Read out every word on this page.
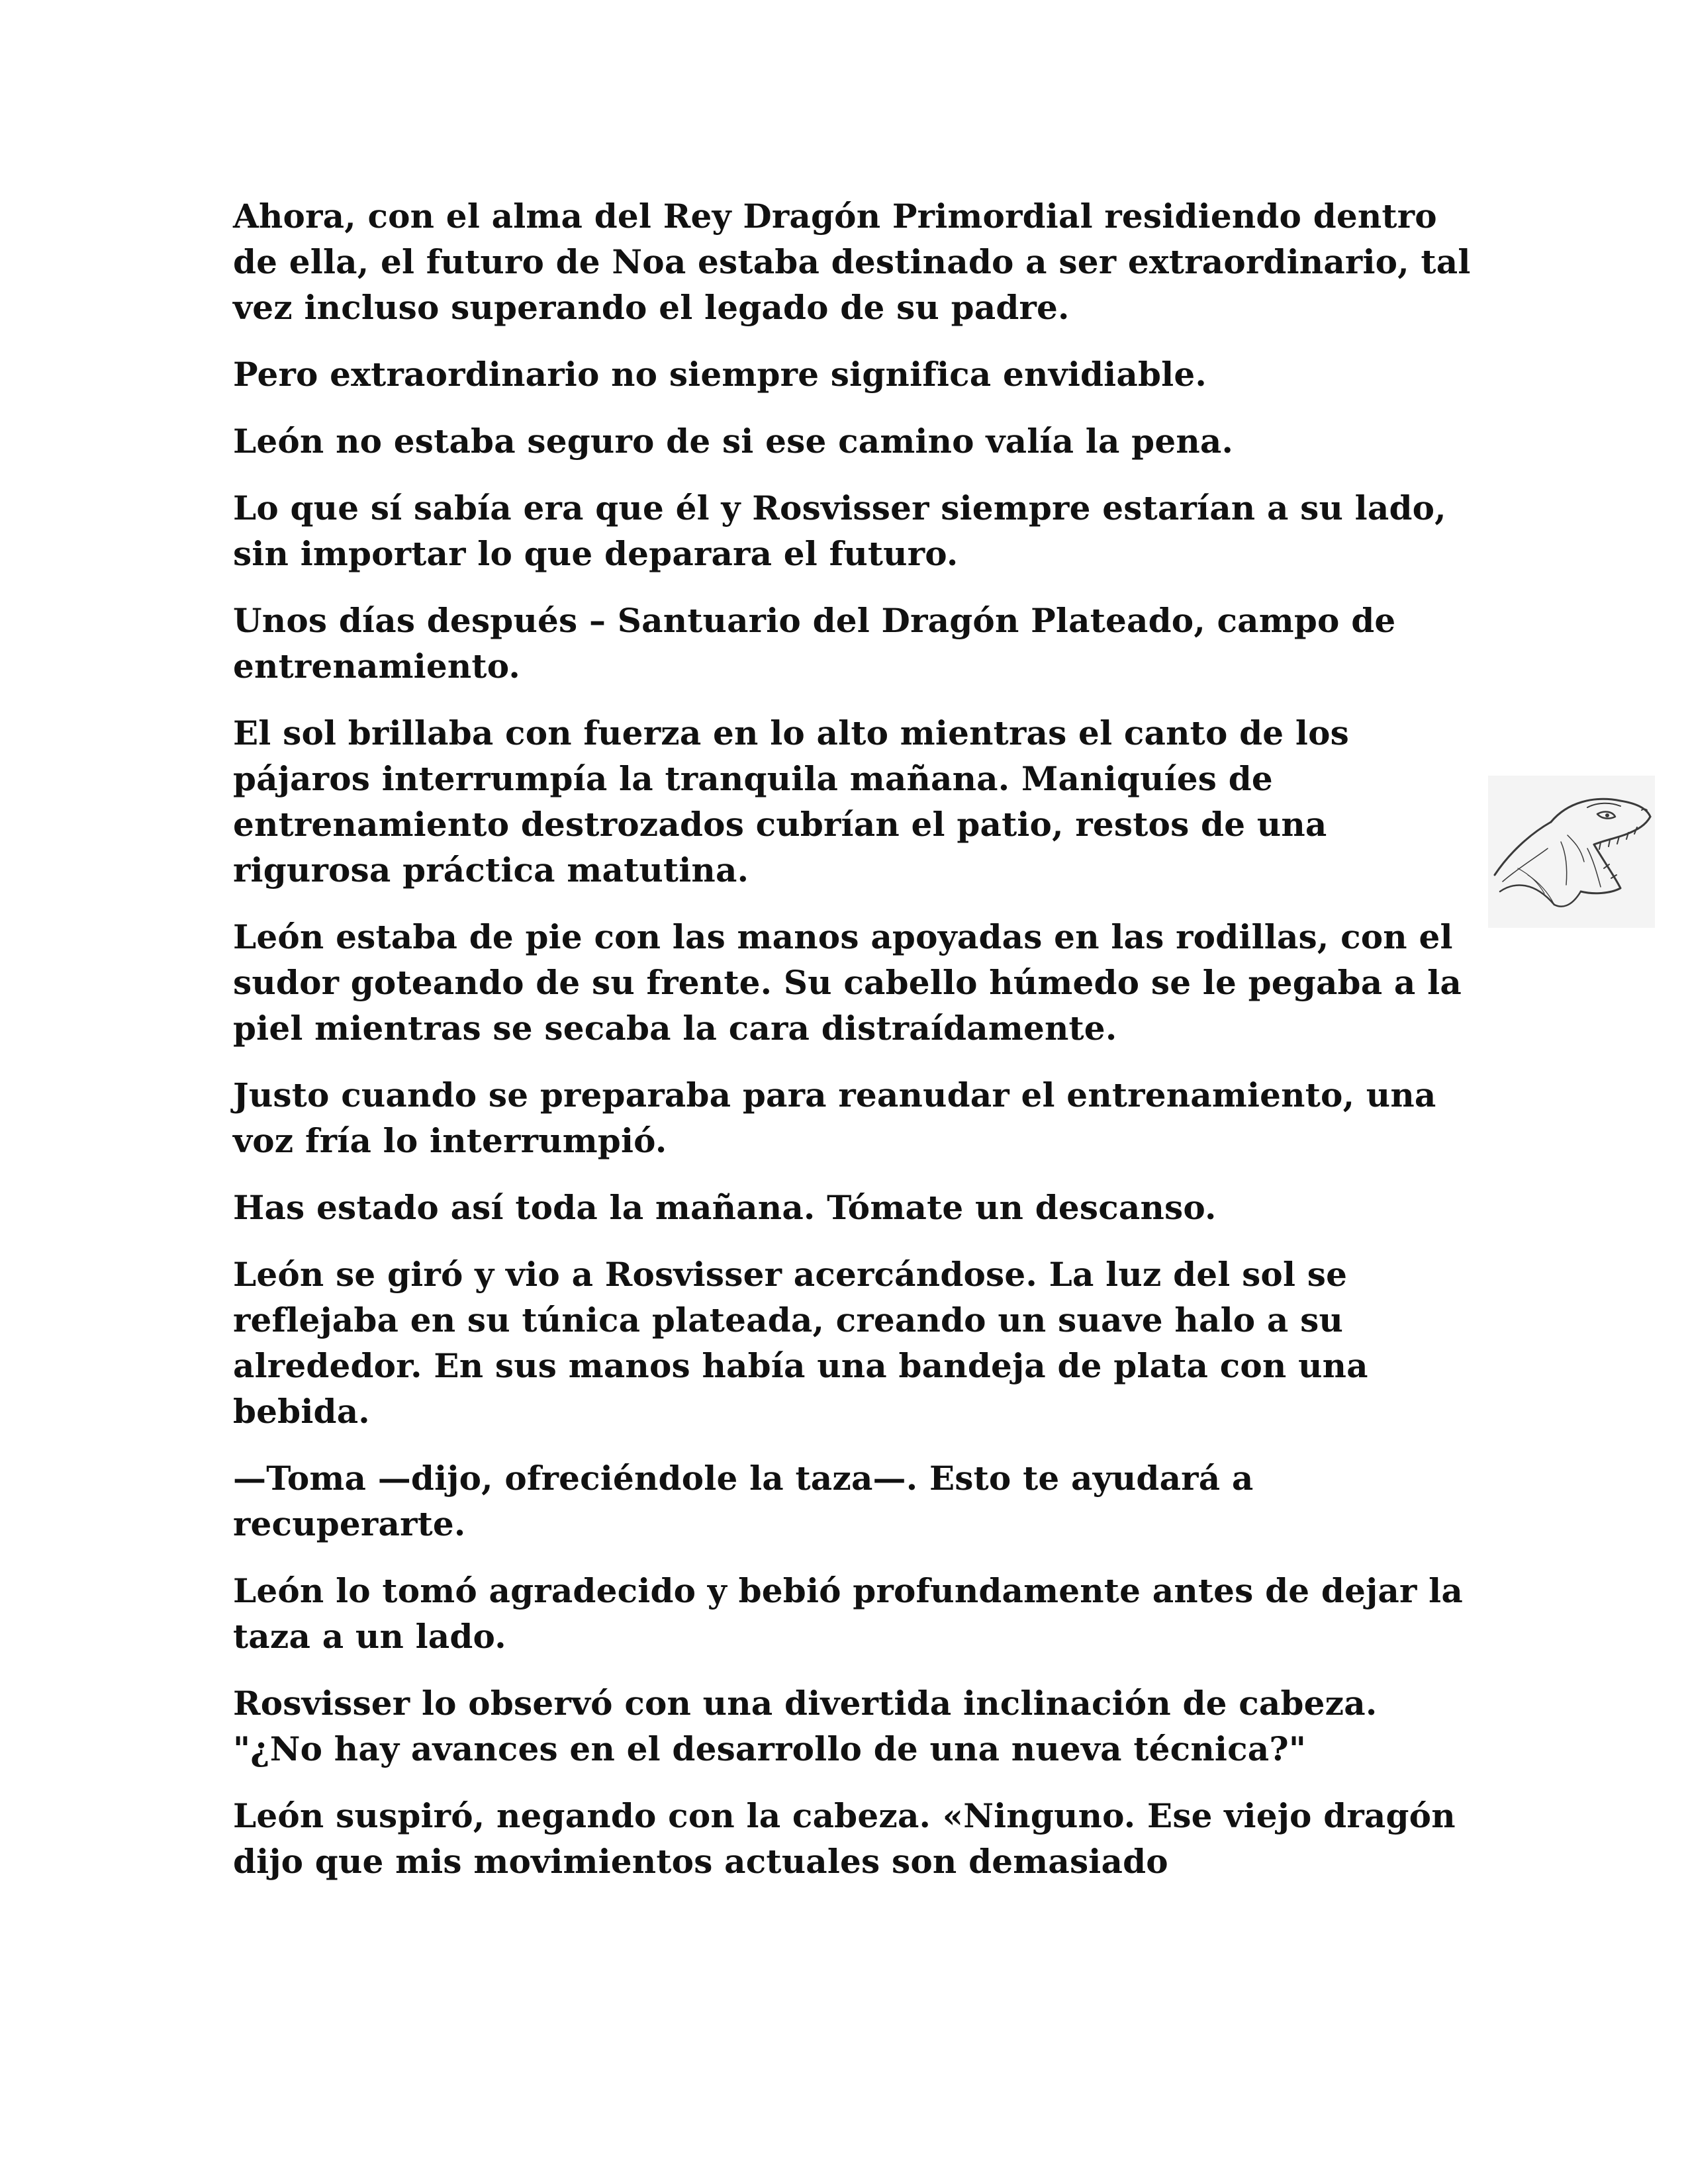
Ahora, con el alma del Rey Dragón Primordial residiendo dentro de ella, el futuro de Noa estaba destinado a ser extraordinario, tal vez incluso superando el legado de su padre.

Pero extraordinario no siempre significa envidiable.

León no estaba seguro de si ese camino valía la pena.

Lo que sí sabía era que él y Rosvisser siempre estarían a su lado, sin importar lo que deparara el futuro.

Unos días después – Santuario del Dragón Plateado, campo de entrenamiento.

El sol brillaba con fuerza en lo alto mientras el canto de los pájaros interrumpía la tranquila mañana. Maniquíes de entrenamiento destrozados cubrían el patio, restos de una rigurosa práctica matutina.

León estaba de pie con las manos apoyadas en las rodillas, con el sudor goteando de su frente. Su cabello húmedo se le pegaba a la piel mientras se secaba la cara distraídamente.

Justo cuando se preparaba para reanudar el entrenamiento, una voz fría lo interrumpió.

Has estado así toda la mañana. Tómate un descanso.

León se giró y vio a Rosvisser acercándose. La luz del sol se reflejaba en su túnica plateada, creando un suave halo a su alrededor. En sus manos había una bandeja de plata con una bebida.

—Toma —dijo, ofreciéndole la taza—. Esto te ayudará a recuperarte.

León lo tomó agradecido y bebió profundamente antes de dejar la taza a un lado.

Rosvisser lo observó con una divertida inclinación de cabeza. "¿No hay avances en el desarrollo de una nueva técnica?"

León suspiró, negando con la cabeza. «Ninguno. Ese viejo dragón dijo que mis movimientos actuales son demasiado
